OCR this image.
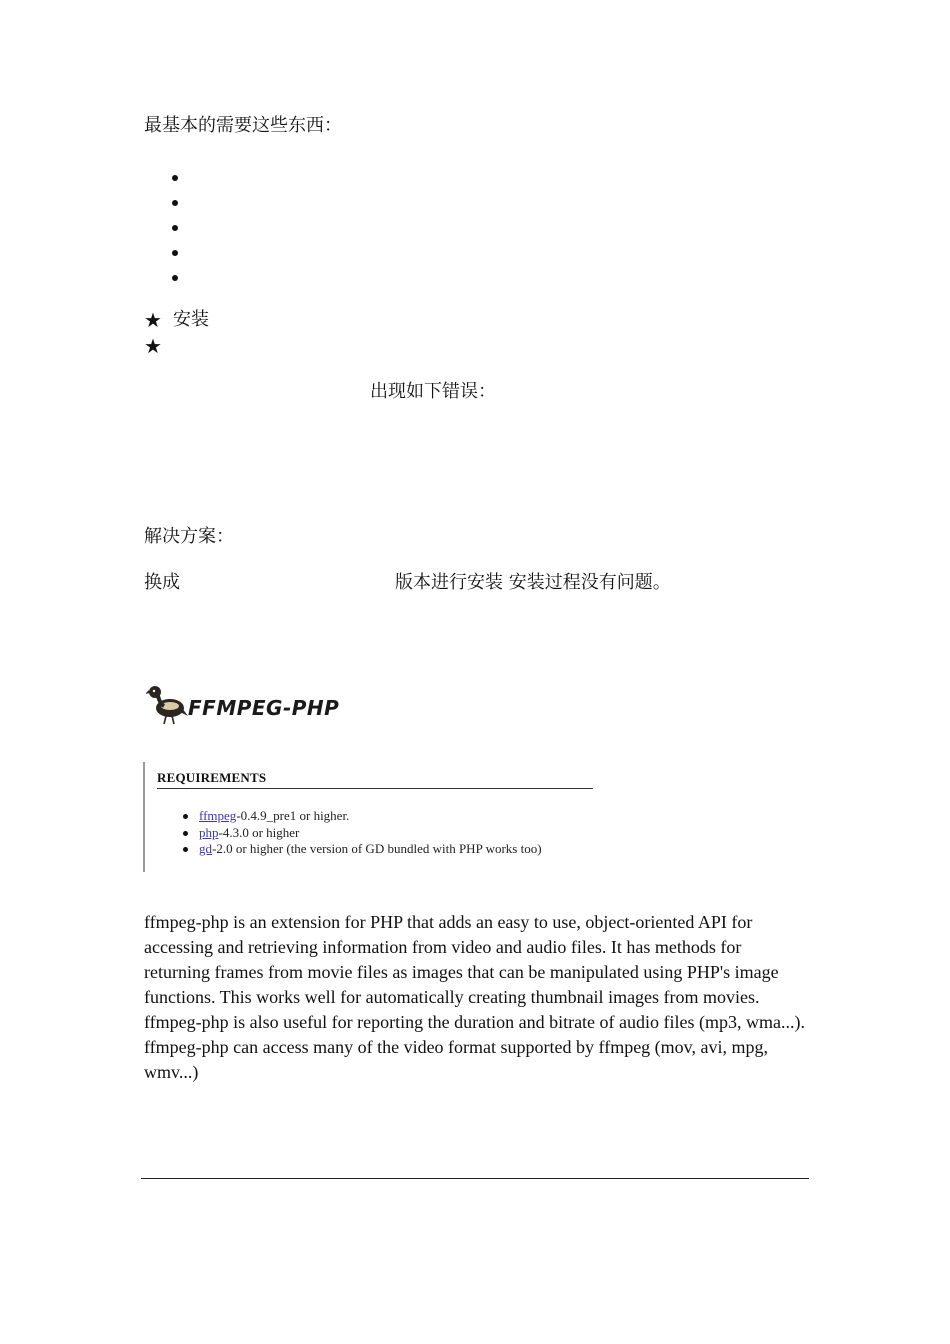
最基本的需要这些东西：
★ 安装
★
出现如下错误：
解决方案：
换成	版本进行安装 安装过程没有问题。
FFMPEG-PHP
REQUIREMENTS
ffmpeg-0.4.9_pre1 or higher.
php-4.3.0 or higher
gd-2.0 or higher (the version of GD bundled with PHP works too)
ffmpeg-php is an extension for PHP that adds an easy to use, object-oriented API for accessing and retrieving information from video and audio files. It has methods for returning frames from movie files as images that can be manipulated using PHP's image functions. This works well for automatically creating thumbnail images from movies. ffmpeg-php is also useful for reporting the duration and bitrate of audio files (mp3, wma...). ffmpeg-php can access many of the video format supported by ffmpeg (mov, avi, mpg, wmv...)
